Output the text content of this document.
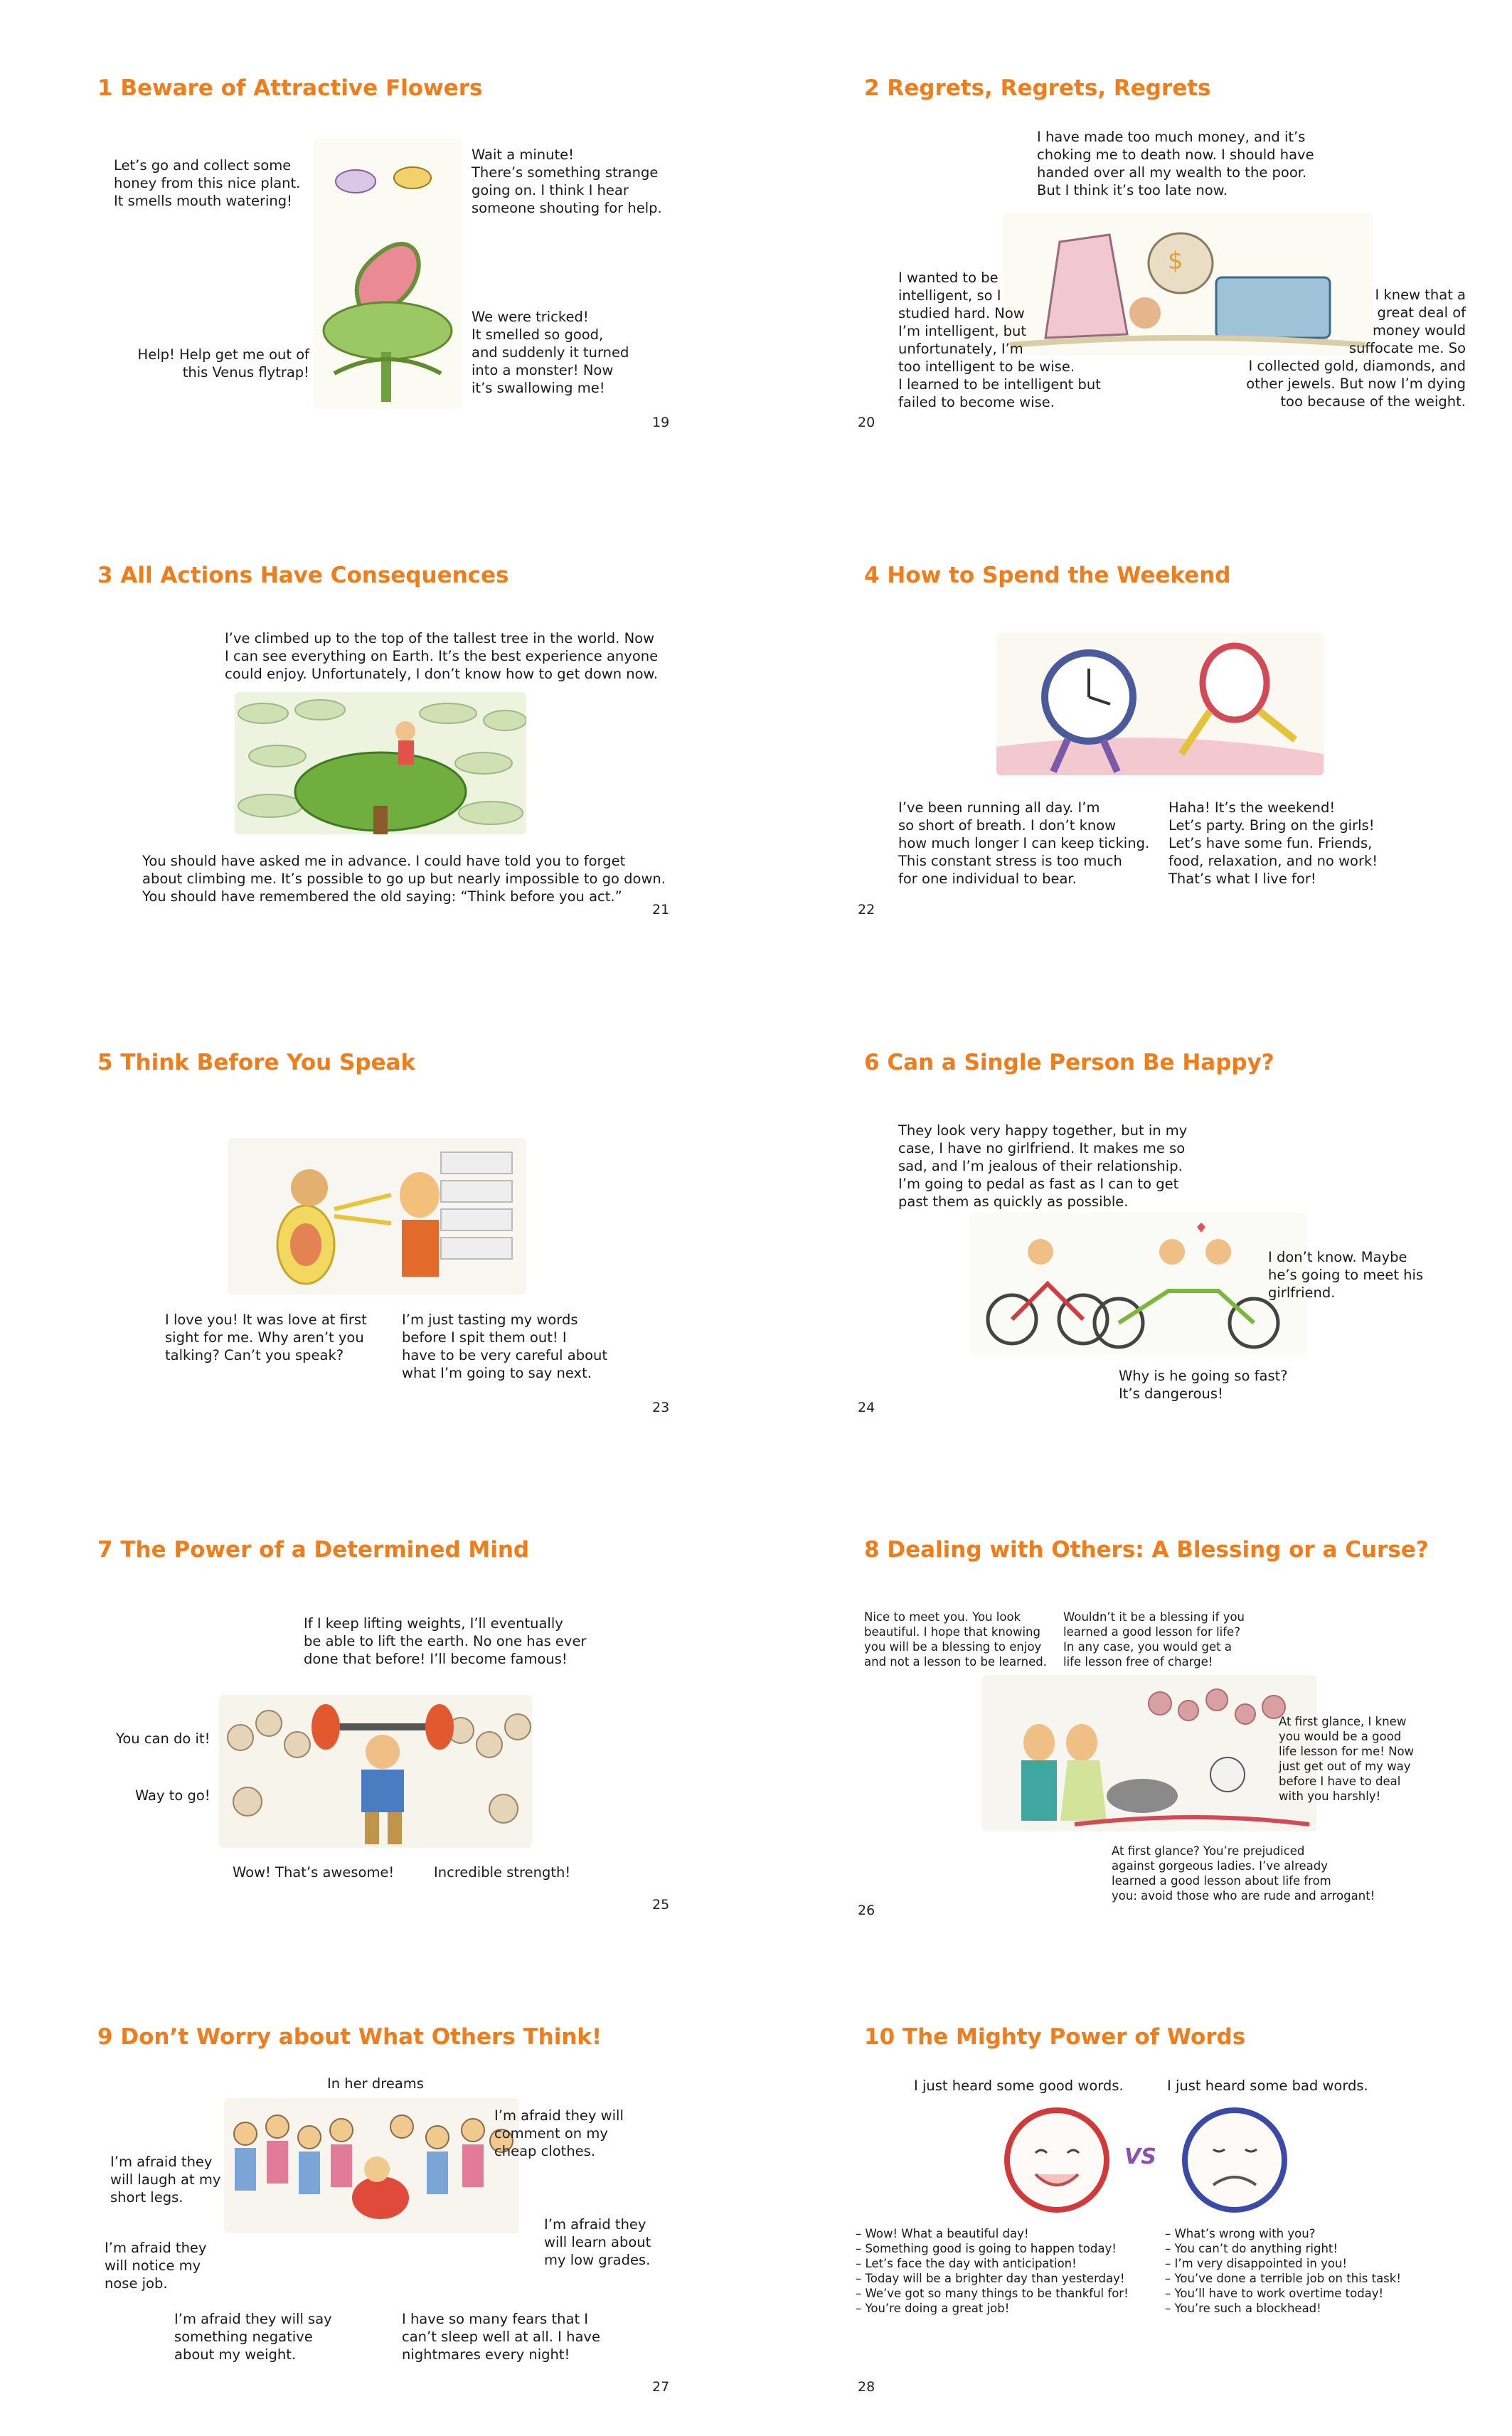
1 Beware of Attractive Flowers
Let’s go and collect some
honey from this nice plant.
It smells mouth watering!
Wait a minute!
There’s something strange
going on. I think I hear
someone shouting for help.
Help! Help get me out of
this Venus flytrap!
We were tricked!
It smelled so good,
and suddenly it turned
into a monster! Now
it’s swallowing me!
19
2 Regrets, Regrets, Regrets
$
I have made too much money, and it’s
choking me to death now. I should have
handed over all my wealth to the poor.
But I think it’s too late now.
I wanted to be
intelligent, so I
studied hard. Now
I’m intelligent, but
unfortunately, I’m
too intelligent to be wise.
I learned to be intelligent but
failed to become wise.
I knew that a
great deal of
money would
suffocate me. So
I collected gold, diamonds, and
other jewels. But now I’m dying
too because of the weight.
20
3 All Actions Have Consequences
I’ve climbed up to the top of the tallest tree in the world. Now
I can see everything on Earth. It’s the best experience anyone
could enjoy. Unfortunately, I don’t know how to get down now.
You should have asked me in advance. I could have told you to forget
about climbing me. It’s possible to go up but nearly impossible to go down.
You should have remembered the old saying: “Think before you act.”
21
4 How to Spend the Weekend
I’ve been running all day. I’m
so short of breath. I don’t know
how much longer I can keep ticking.
This constant stress is too much
for one individual to bear.
Haha! It’s the weekend!
Let’s party. Bring on the girls!
Let’s have some fun. Friends,
food, relaxation, and no work!
That’s what I live for!
22
5 Think Before You Speak
I love you! It was love at first
sight for me. Why aren’t you
talking? Can’t you speak?
I’m just tasting my words
before I spit them out! I
have to be very careful about
what I’m going to say next.
23
6 Can a Single Person Be Happy?
They look very happy together, but in my
case, I have no girlfriend. It makes me so
sad, and I’m jealous of their relationship.
I’m going to pedal as fast as I can to get
past them as quickly as possible.
I don’t know. Maybe
he’s going to meet his
girlfriend.
Why is he going so fast?
It’s dangerous!
24
7 The Power of a Determined Mind
If I keep lifting weights, I’ll eventually
be able to lift the earth. No one has ever
done that before! I’ll become famous!
You can do it!
Way to go!
Wow! That’s awesome!	Incredible strength!
25
8 Dealing with Others: A Blessing or a Curse?
Nice to meet you. You look
beautiful. I hope that knowing
you will be a blessing to enjoy
and not a lesson to be learned.
Wouldn’t it be a blessing if you
learned a good lesson for life?
In any case, you would get a
life lesson free of charge!
At first glance, I knew
you would be a good
life lesson for me! Now
just get out of my way
before I have to deal
with you harshly!
At first glance? You’re prejudiced
against gorgeous ladies. I’ve already
learned a good lesson about life from
you: avoid those who are rude and arrogant!
26
9 Don’t Worry about What Others Think!
In her dreams
I’m afraid they will
comment on my
cheap clothes.
I’m afraid they
will laugh at my
short legs.
I’m afraid they
will learn about
my low grades.
I’m afraid they
will notice my
nose job.
I’m afraid they will say
something negative
about my weight.
I have so many fears that I
can’t sleep well at all. I have
nightmares every night!
27
10 The Mighty Power of Words
I just heard some good words.	I just heard some bad words.
VS
– Wow! What a beautiful day!
– Something good is going to happen today!
– Let’s face the day with anticipation!
– Today will be a brighter day than yesterday!
– We’ve got so many things to be thankful for!
– You’re doing a great job!
– What’s wrong with you?
– You can’t do anything right!
– I’m very disappointed in you!
– You’ve done a terrible job on this task!
– You’ll have to work overtime today!
– You’re such a blockhead!
28
